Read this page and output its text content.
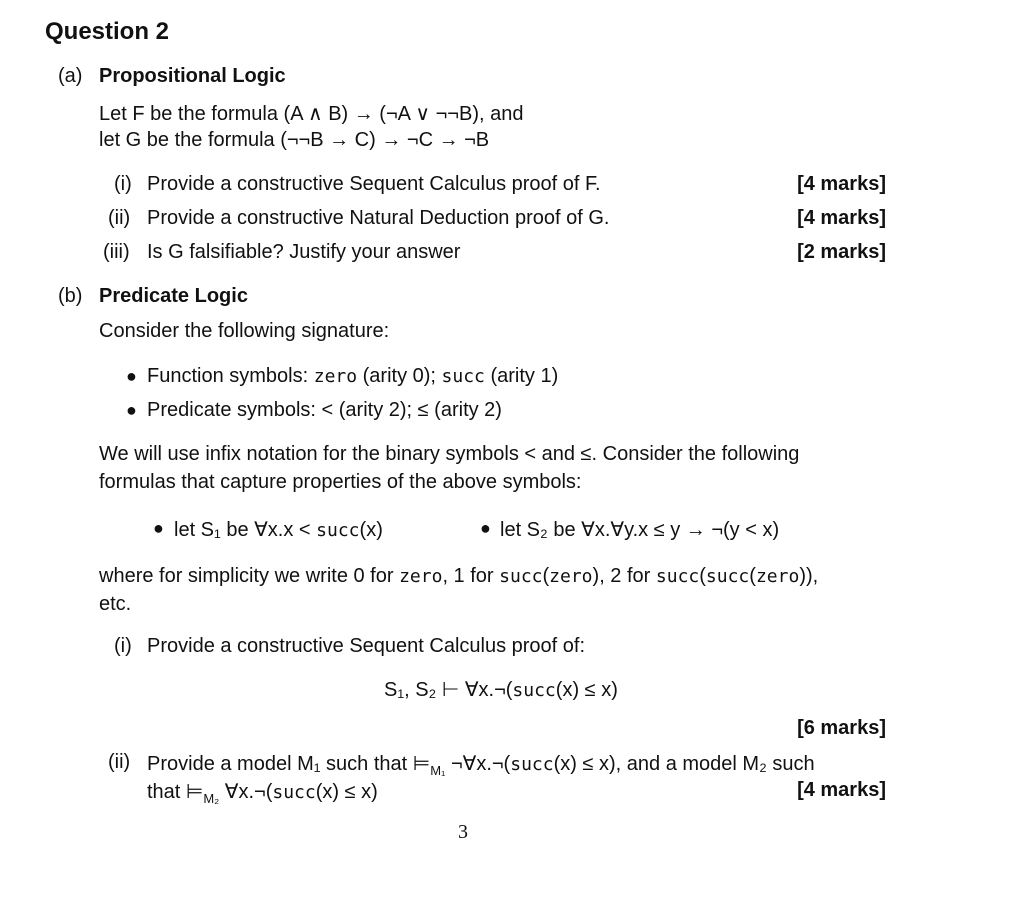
Question 2
(a) Propositional Logic
Let F be the formula (A ∧ B) → (¬A ∨ ¬¬B), and
let G be the formula (¬¬B → C) → ¬C → ¬B
(i) Provide a constructive Sequent Calculus proof of F.	[4 marks]
(ii) Provide a constructive Natural Deduction proof of G.	[4 marks]
(iii) Is G falsifiable? Justify your answer	[2 marks]
(b) Predicate Logic
Consider the following signature:
● Function symbols: zero (arity 0); succ (arity 1)
● Predicate symbols: < (arity 2); ≤ (arity 2)
We will use infix notation for the binary symbols < and ≤. Consider the following
formulas that capture properties of the above symbols:
● let S₁ be ∀x.x < succ(x)	● let S₂ be ∀x.∀y.x ≤ y → ¬(y < x)
where for simplicity we write 0 for zero, 1 for succ(zero), 2 for succ(succ(zero)),
etc.
(i) Provide a constructive Sequent Calculus proof of:
S₁, S₂ ⊢ ∀x.¬(succ(x) ≤ x)
[6 marks]
(ii) Provide a model M₁ such that $⊨_{M_1}$ ¬∀x.¬(succ(x) ≤ x), and a model M₂ such
that $⊨_{M_2}$ ∀x.¬(succ(x) ≤ x)	[4 marks]
3
